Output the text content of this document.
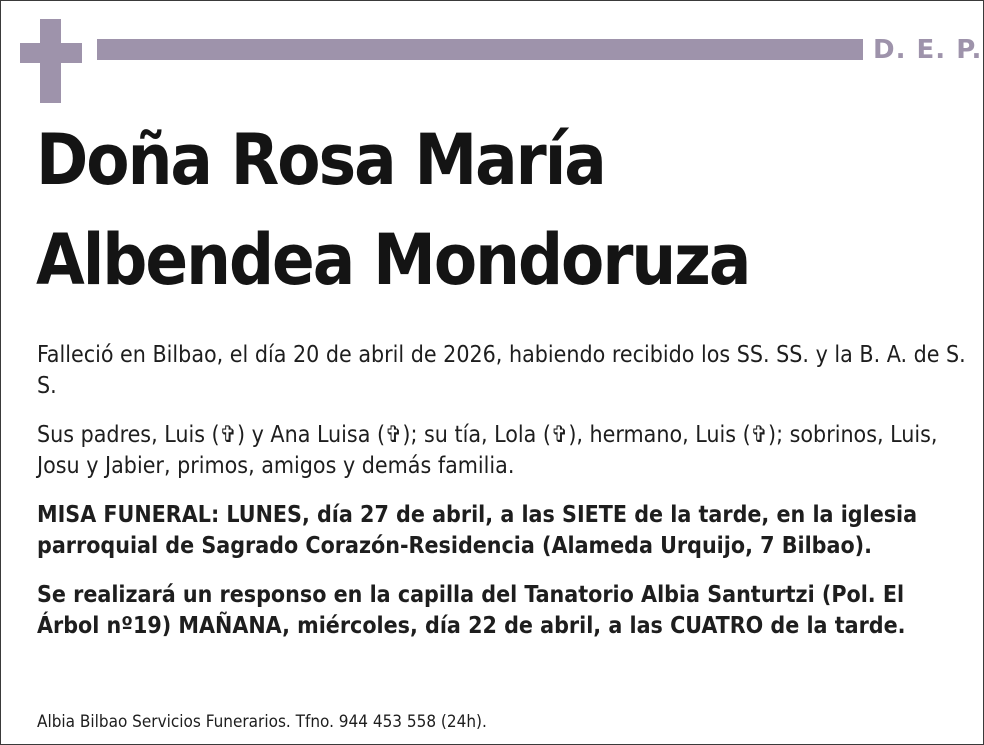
D. E. P.
Doña Rosa María
Albendea Mondoruza
Falleció en Bilbao, el día 20 de abril de 2026, habiendo recibido los SS. SS. y la B. A. de S. S.
Sus padres, Luis (✞) y Ana Luisa (✞); su tía, Lola (✞), hermano, Luis (✞); sobrinos, Luis, Josu y Jabier, primos, amigos y demás familia.
MISA FUNERAL: LUNES, día 27 de abril, a las SIETE de la tarde, en la iglesia parroquial de Sagrado Corazón-Residencia (Alameda Urquijo, 7 Bilbao).
Se realizará un responso en la capilla del Tanatorio Albia Santurtzi (Pol. El Árbol nº19) MAÑANA, miércoles, día 22 de abril, a las CUATRO de la tarde.
Albia Bilbao Servicios Funerarios. Tfno. 944 453 558 (24h).
